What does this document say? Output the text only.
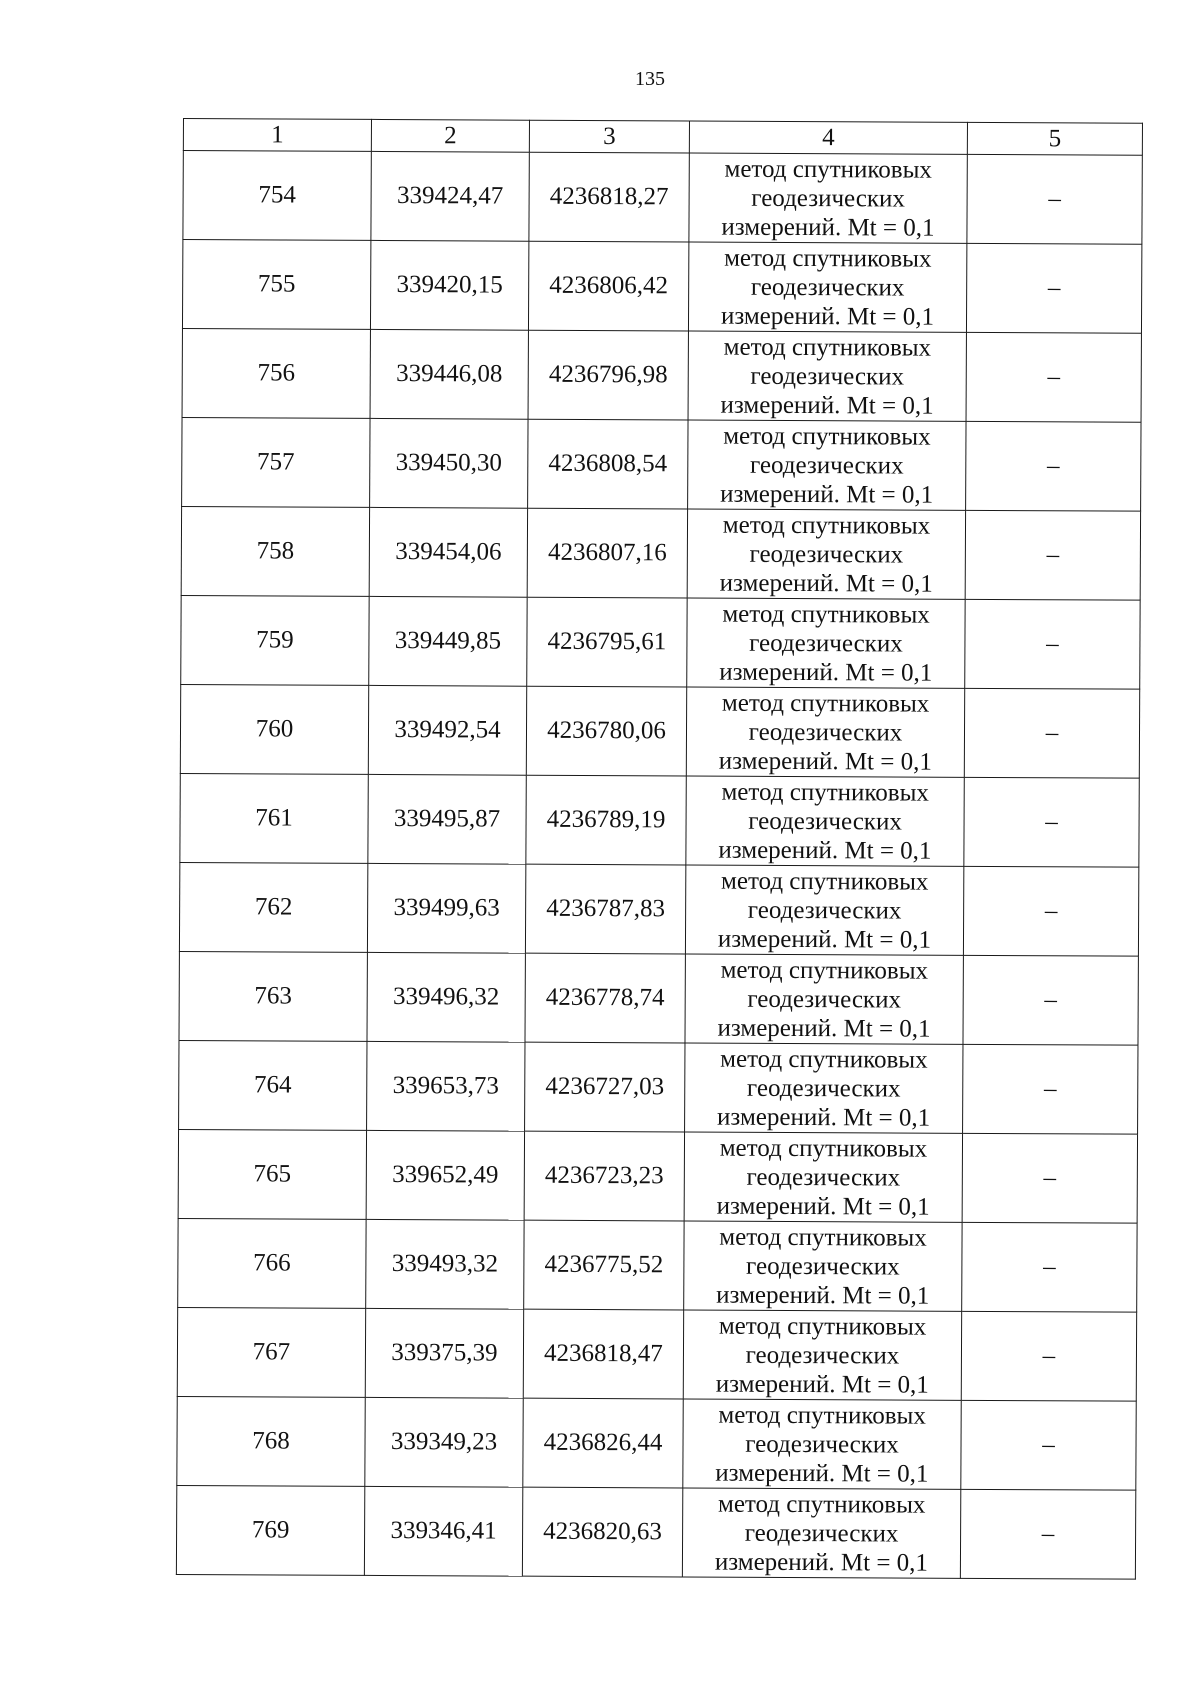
135
1	2	3	4	5
754	339424,47	4236818,27	метод спутниковых
геодезических
измерений. Mt = 0,1	–
755	339420,15	4236806,42	метод спутниковых
геодезических
измерений. Mt = 0,1	–
756	339446,08	4236796,98	метод спутниковых
геодезических
измерений. Mt = 0,1	–
757	339450,30	4236808,54	метод спутниковых
геодезических
измерений. Mt = 0,1	–
758	339454,06	4236807,16	метод спутниковых
геодезических
измерений. Mt = 0,1	–
759	339449,85	4236795,61	метод спутниковых
геодезических
измерений. Mt = 0,1	–
760	339492,54	4236780,06	метод спутниковых
геодезических
измерений. Mt = 0,1	–
761	339495,87	4236789,19	метод спутниковых
геодезических
измерений. Mt = 0,1	–
762	339499,63	4236787,83	метод спутниковых
геодезических
измерений. Mt = 0,1	–
763	339496,32	4236778,74	метод спутниковых
геодезических
измерений. Mt = 0,1	–
764	339653,73	4236727,03	метод спутниковых
геодезических
измерений. Mt = 0,1	–
765	339652,49	4236723,23	метод спутниковых
геодезических
измерений. Mt = 0,1	–
766	339493,32	4236775,52	метод спутниковых
геодезических
измерений. Mt = 0,1	–
767	339375,39	4236818,47	метод спутниковых
геодезических
измерений. Mt = 0,1	–
768	339349,23	4236826,44	метод спутниковых
геодезических
измерений. Mt = 0,1	–
769	339346,41	4236820,63	метод спутниковых
геодезических
измерений. Mt = 0,1	–
